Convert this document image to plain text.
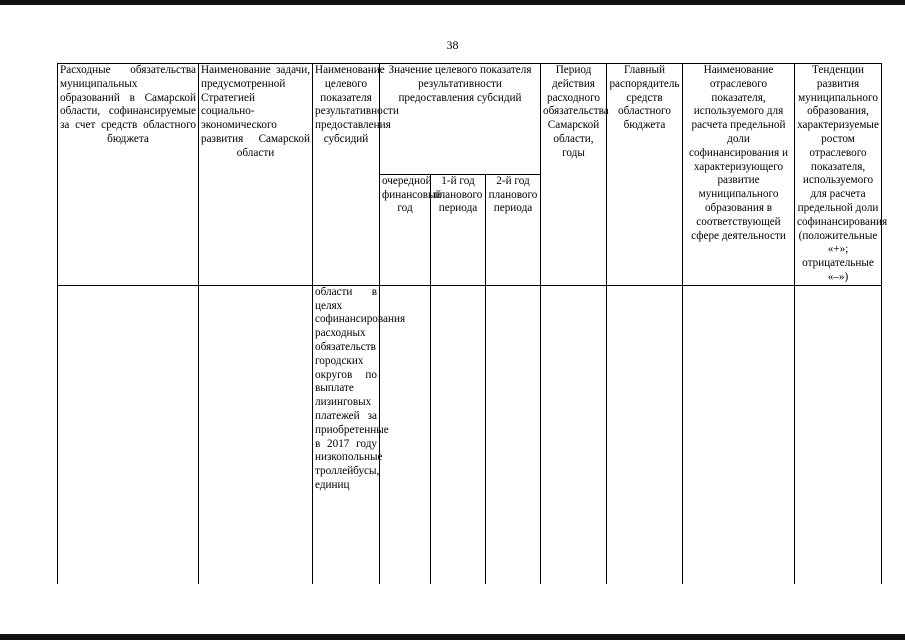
38
Расходные обязательства муниципальных образований в Самарской области, софинансируемые за счет средств областного бюджета	Наименование задачи, предусмотренной Стратегией социально-экономического развития Самарской области	Наименование целевого показателя результативности предоставления субсидий	Значение целевого показателя результативности предоставления субсидий			Период действия расходного обязательства Самарской области, годы	Главный распорядитель средств областного бюджета	Наименование отраслевого показателя, используемого для расчета предельной доли софинансирования и характеризующего развитие муниципального образования в соответствующей сфере деятельности	Тенденции развития муниципального образования, характеризуемые ростом отраслевого показателя, используемого для расчета предельной доли софинансирования (положительные «+»; отрицательные «–»)
			очередной финансовый год	1-й год планового периода	2-й год планового периода				
		области в целях софинансирования расходных обязательств городских округов по выплате лизинговых платежей за приобретенные в 2017 году низкопольные троллейбусы, единиц							
